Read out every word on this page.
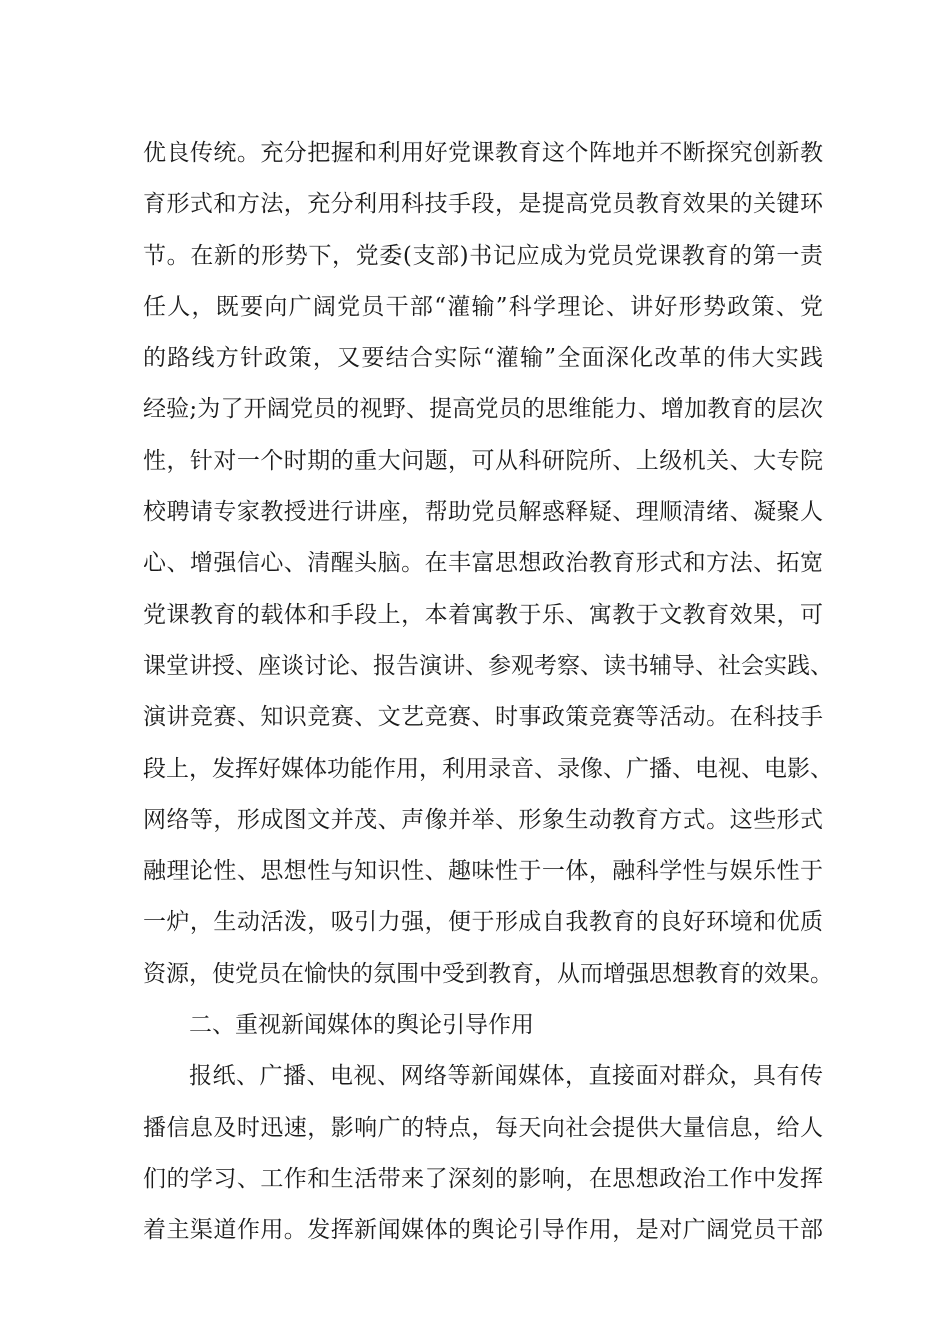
优良传统。充分把握和利用好党课教育这个阵地并不断探究创新教
育形式和方法，充分利用科技手段，是提高党员教育效果的关键环
节。在新的形势下，党委(支部)书记应成为党员党课教育的第一责
任人，既要向广阔党员干部“灌输”科学理论、讲好形势政策、党
的路线方针政策，又要结合实际“灌输”全面深化改革的伟大实践
经验;为了开阔党员的视野、提高党员的思维能力、增加教育的层次
性，针对一个时期的重大问题，可从科研院所、上级机关、大专院
校聘请专家教授进行讲座，帮助党员解惑释疑、理顺清绪、凝聚人
心、增强信心、清醒头脑。在丰富思想政治教育形式和方法、拓宽
党课教育的载体和手段上，本着寓教于乐、寓教于文教育效果，可
课堂讲授、座谈讨论、报告演讲、参观考察、读书辅导、社会实践、
演讲竞赛、知识竞赛、文艺竞赛、时事政策竞赛等活动。在科技手
段上，发挥好媒体功能作用，利用录音、录像、广播、电视、电影、
网络等，形成图文并茂、声像并举、形象生动教育方式。这些形式
融理论性、思想性与知识性、趣味性于一体，融科学性与娱乐性于
一炉，生动活泼，吸引力强，便于形成自我教育的良好环境和优质
资源，使党员在愉快的氛围中受到教育，从而增强思想教育的效果。
二、重视新闻媒体的舆论引导作用
报纸、广播、电视、网络等新闻媒体，直接面对群众，具有传
播信息及时迅速，影响广的特点，每天向社会提供大量信息，给人
们的学习、工作和生活带来了深刻的影响，在思想政治工作中发挥
着主渠道作用。发挥新闻媒体的舆论引导作用，是对广阔党员干部
